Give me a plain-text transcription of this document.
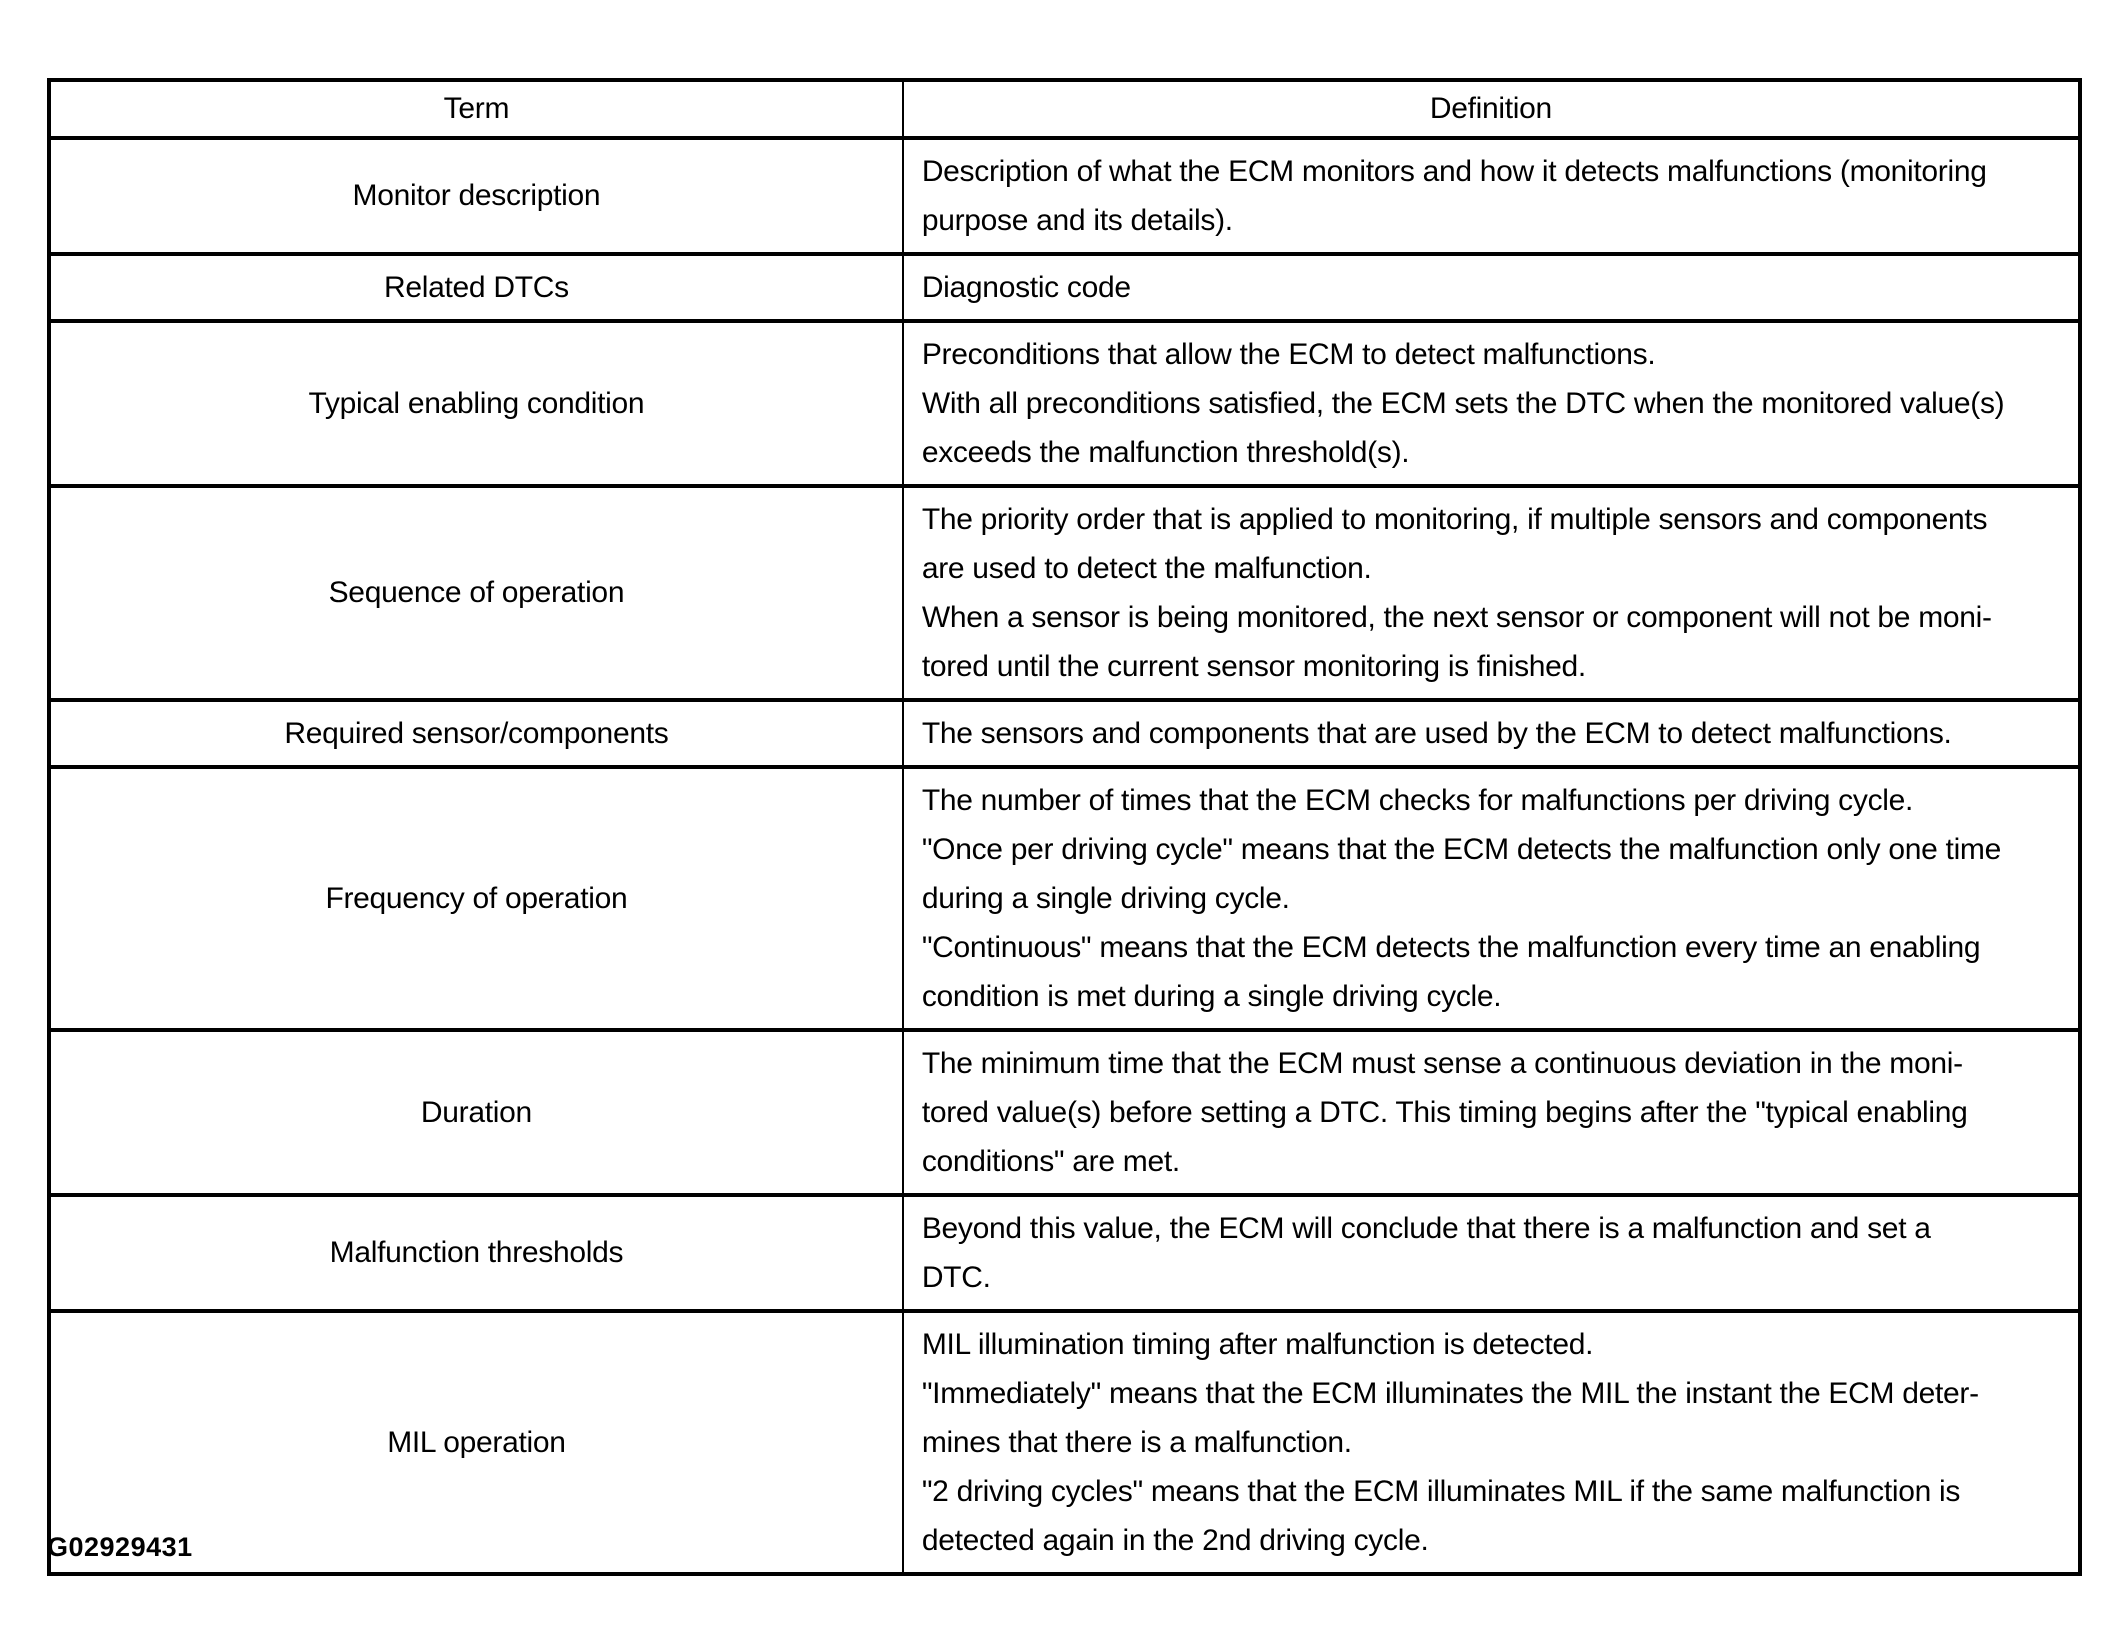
Term	Definition
Monitor description	Description of what the ECM monitors and how it detects malfunctions (monitoring
purpose and its details).

Related DTCs	Diagnostic code

Typical enabling condition	Preconditions that allow the ECM to detect malfunctions.
With all preconditions satisfied, the ECM sets the DTC when the monitored value(s)
exceeds the malfunction threshold(s).

Sequence of operation	The priority order that is applied to monitoring, if multiple sensors and components
are used to detect the malfunction.
When a sensor is being monitored, the next sensor or component will not be moni-
tored until the current sensor monitoring is finished.

Required sensor/components	The sensors and components that are used by the ECM to detect malfunctions.

Frequency of operation	The number of times that the ECM checks for malfunctions per driving cycle.
"Once per driving cycle" means that the ECM detects the malfunction only one time
during a single driving cycle.
"Continuous" means that the ECM detects the malfunction every time an enabling
condition is met during a single driving cycle.

Duration	The minimum time that the ECM must sense a continuous deviation in the moni-
tored value(s) before setting a DTC. This timing begins after the "typical enabling
conditions" are met.

Malfunction thresholds	Beyond this value, the ECM will conclude that there is a malfunction and set a
DTC.

MIL operation	MIL illumination timing after malfunction is detected.
"Immediately" means that the ECM illuminates the MIL the instant the ECM deter-
mines that there is a malfunction.
"2 driving cycles" means that the ECM illuminates MIL if the same malfunction is
detected again in the 2nd driving cycle.
G02929431
